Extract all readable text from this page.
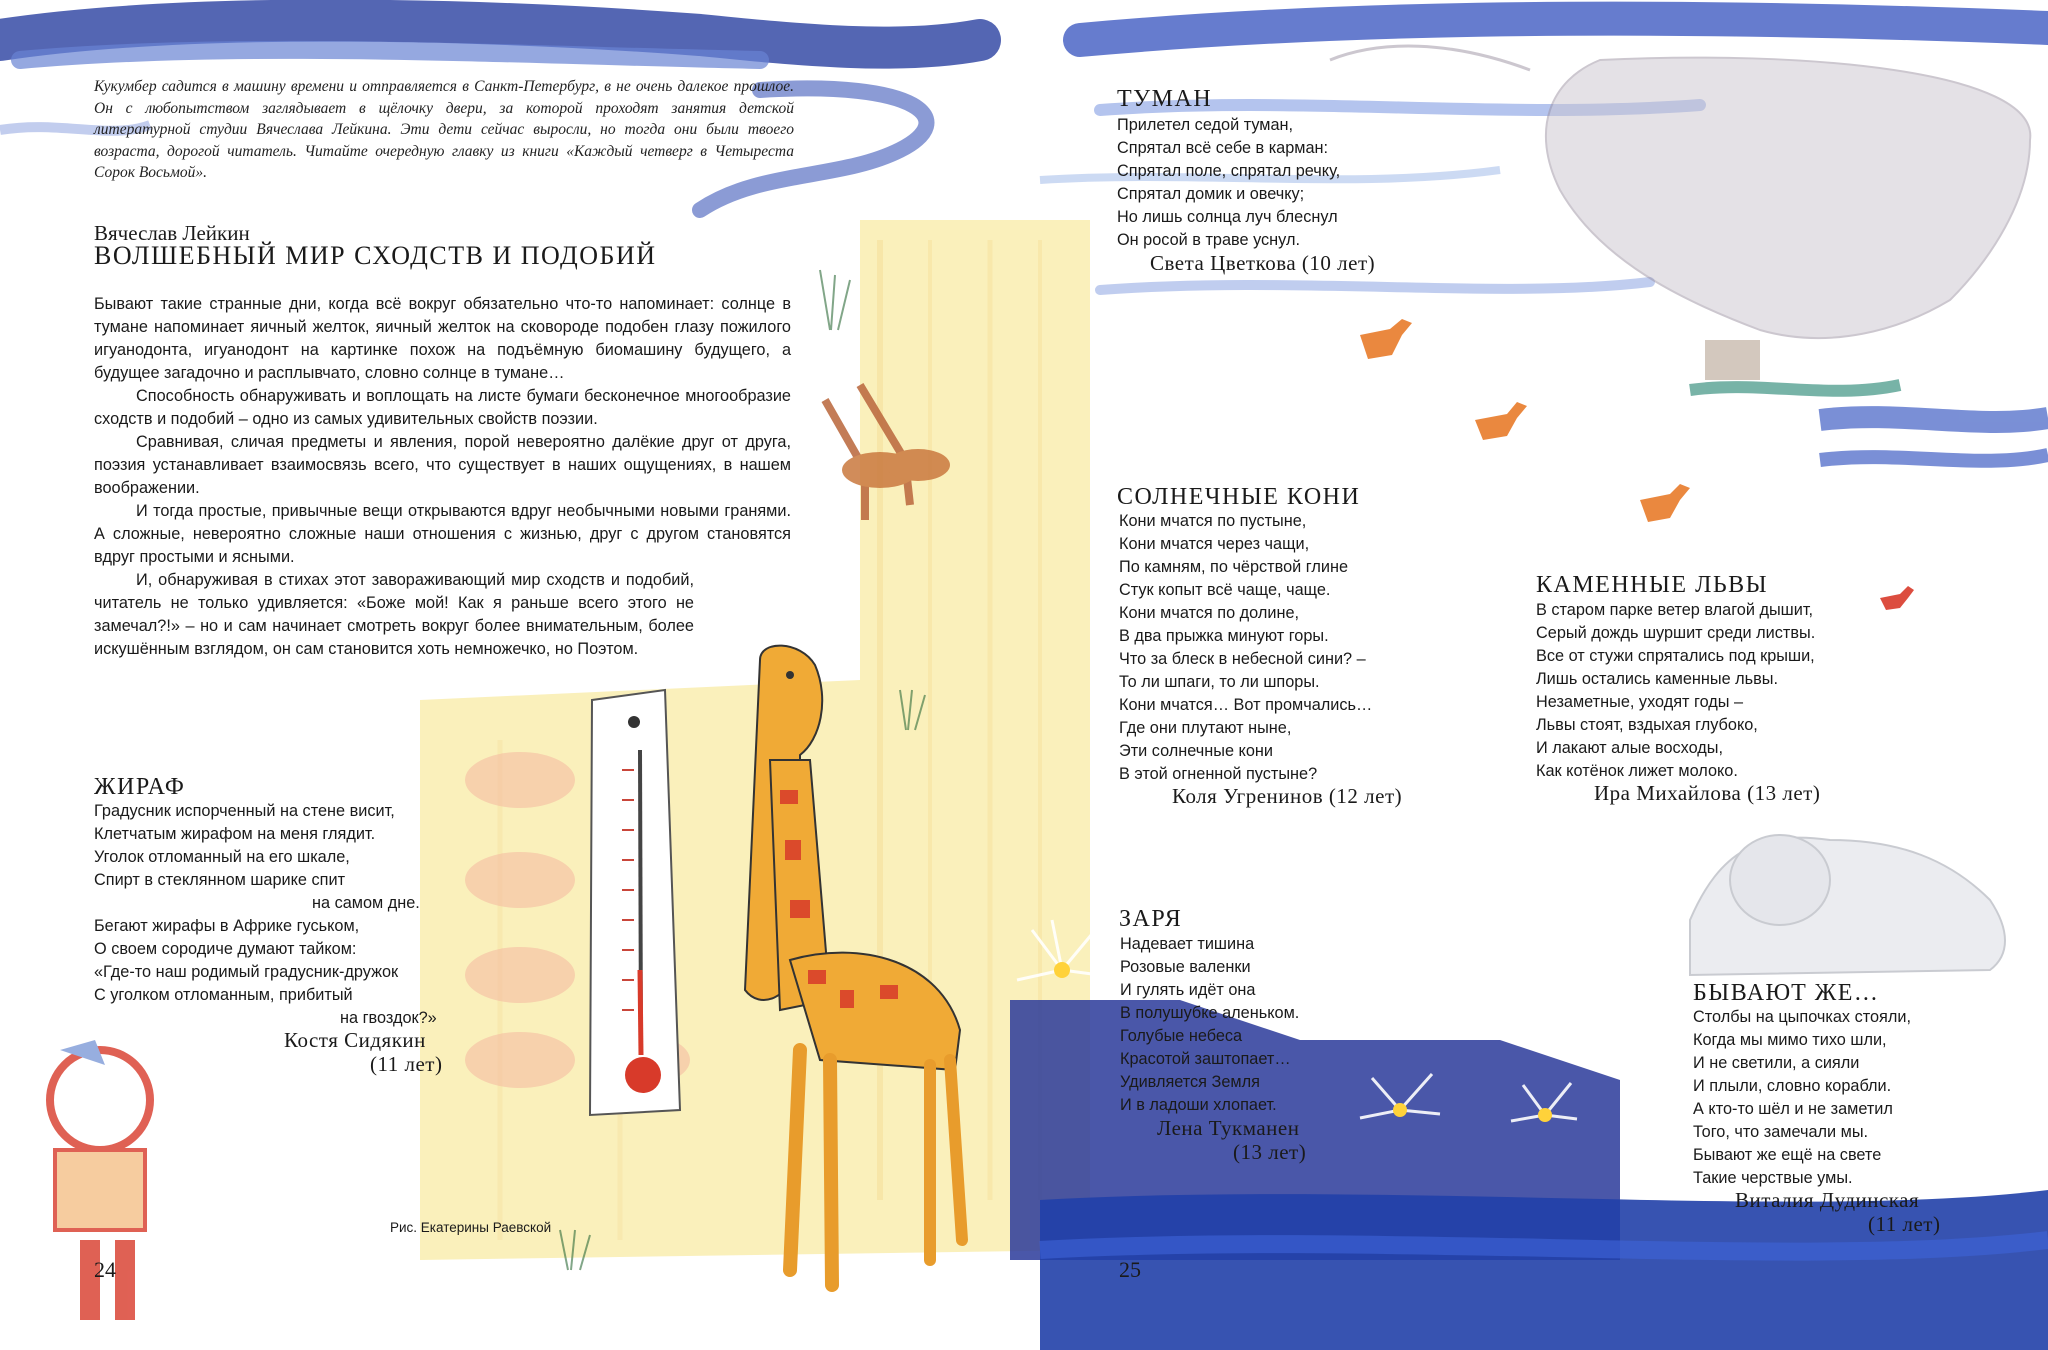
Кукумбер садится в машину времени и отправляется в Санкт-Петербург, в не очень далекое прошлое. Он с любопытством заглядывает в щёлочку двери, за которой проходят занятия детской литературной студии Вячеслава Лейкина. Эти дети сейчас выросли, но тогда они были твоего возраста, дорогой читатель. Читайте очередную главку из книги «Каждый четверг в Четыреста Сорок Восьмой».

Вячеслав Лейкин
ВОЛШЕБНЫЙ МИР СХОДСТВ И ПОДОБИЙ

Бывают такие странные дни, когда всё вокруг обязательно что-то напоминает: солнце в тумане напоминает яичный желток, яичный желток на сковороде подобен глазу пожилого игуанодонта, игуанодонт на картинке похож на подъёмную биомашину будущего, а будущее загадочно и расплывчато, словно солнце в тумане…

Способность обнаруживать и воплощать на листе бумаги бесконечное многообразие сходств и подобий – одно из самых удивительных свойств поэзии.

Сравнивая, сличая предметы и явления, порой невероятно далёкие друг от друга, поэзия устанавливает взаимосвязь всего, что существует в наших ощущениях, в нашем воображении.

И тогда простые, привычные вещи открываются вдруг необычными новыми гранями. А сложные, невероятно сложные наши отношения с жизнью, друг с другом становятся вдруг простыми и ясными.

И, обнаруживая в стихах этот завораживающий мир сходств и подобий, читатель не только удивляется: «Боже мой! Как я раньше всего этого не замечал?!» – но и сам начинает смотреть вокруг более внимательным, более искушённым взглядом, он сам становится хоть немножечко, но Поэтом.

ЖИРАФ
Градусник испорченный на стене висит,
Клетчатым жирафом на меня глядит.
Уголок отломанный на его шкале,
Спирт в стеклянном шарике спит
на самом дне.
Бегают жирафы в Африке гуськом,
О своем сородиче думают тайком:
«Где-то наш родимый градусник-дружок
С уголком отломанным, прибитый
на гвоздок?»
Костя Сидякин
(11 лет)
ТУМАН
Прилетел седой туман,
Спрятал всё себе в карман:
Спрятал поле, спрятал речку,
Спрятал домик и овечку;
Но лишь солнца луч блеснул
Он росой в траве уснул.
Света Цветкова (10 лет)
СОЛНЕЧНЫЕ КОНИ
Кони мчатся по пустыне,
Кони мчатся через чащи,
По камням, по чёрствой глине
Стук копыт всё чаще, чаще.
Кони мчатся по долине,
В два прыжка минуют горы.
Что за блеск в небесной сини? –
То ли шпаги, то ли шпоры.
Кони мчатся… Вот промчались…
Где они плутают ныне,
Эти солнечные кони
В этой огненной пустыне?
Коля Угренинов (12 лет)
КАМЕННЫЕ ЛЬВЫ
В старом парке ветер влагой дышит,
Серый дождь шуршит среди листвы.
Все от стужи спрятались под крыши,
Лишь остались каменные львы.
Незаметные, уходят годы –
Львы стоят, вздыхая глубоко,
И лакают алые восходы,
Как котёнок лижет молоко.
Ира Михайлова (13 лет)
ЗАРЯ
Надевает тишина
Розовые валенки
И гулять идёт она
В полушубке аленьком.
Голубые небеса
Красотой заштопает…
Удивляется Земля
И в ладоши хлопает.
Лена Тукманен
(13 лет)
БЫВАЮТ ЖЕ…
Столбы на цыпочках стояли,
Когда мы мимо тихо шли,
И не светили, а сияли
И плыли, словно корабли.
А кто-то шёл и не заметил
Того, что замечали мы.
Бывают же ещё на свете
Такие черствые умы.
Виталия Дудинская
(11 лет)
Рис. Екатерины Раевской
24	25
